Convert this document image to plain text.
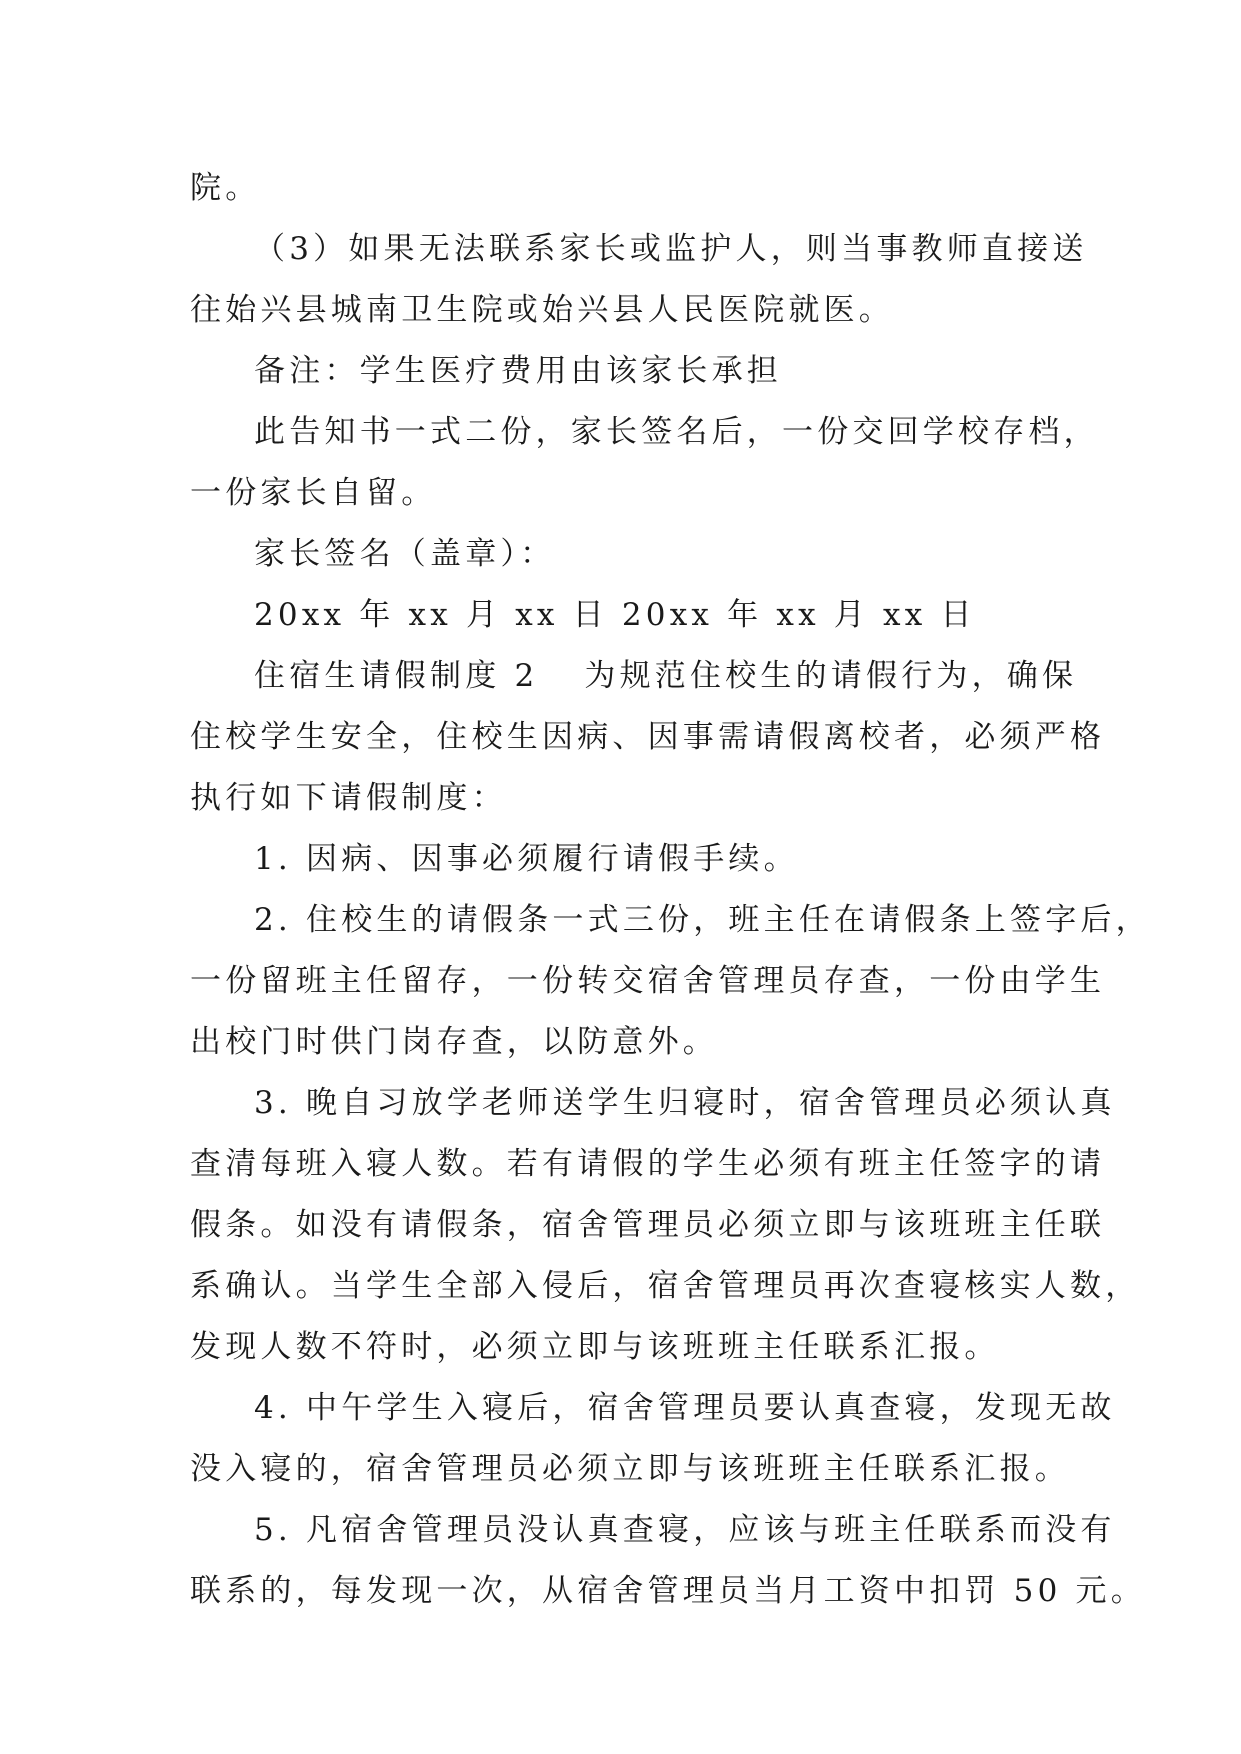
院。
（3）如果无法联系家长或监护人，则当事教师直接送
往始兴县城南卫生院或始兴县人民医院就医。
备注：学生医疗费用由该家长承担
此告知书一式二份，家长签名后，一份交回学校存档，
一份家长自留。
家长签名（盖章）：
20xx 年 xx 月 xx 日 20xx 年 xx 月 xx 日
住宿生请假制度 2 为规范住校生的请假行为，确保
住校学生安全，住校生因病、因事需请假离校者，必须严格
执行如下请假制度：
1. 因病、因事必须履行请假手续。
2. 住校生的请假条一式三份，班主任在请假条上签字后，
一份留班主任留存，一份转交宿舍管理员存查，一份由学生
出校门时供门岗存查，以防意外。
3. 晚自习放学老师送学生归寝时，宿舍管理员必须认真
查清每班入寝人数。若有请假的学生必须有班主任签字的请
假条。如没有请假条，宿舍管理员必须立即与该班班主任联
系确认。当学生全部入侵后，宿舍管理员再次查寝核实人数，
发现人数不符时，必须立即与该班班主任联系汇报。
4. 中午学生入寝后，宿舍管理员要认真查寝，发现无故
没入寝的，宿舍管理员必须立即与该班班主任联系汇报。
5. 凡宿舍管理员没认真查寝，应该与班主任联系而没有
联系的，每发现一次，从宿舍管理员当月工资中扣罚 50 元。
